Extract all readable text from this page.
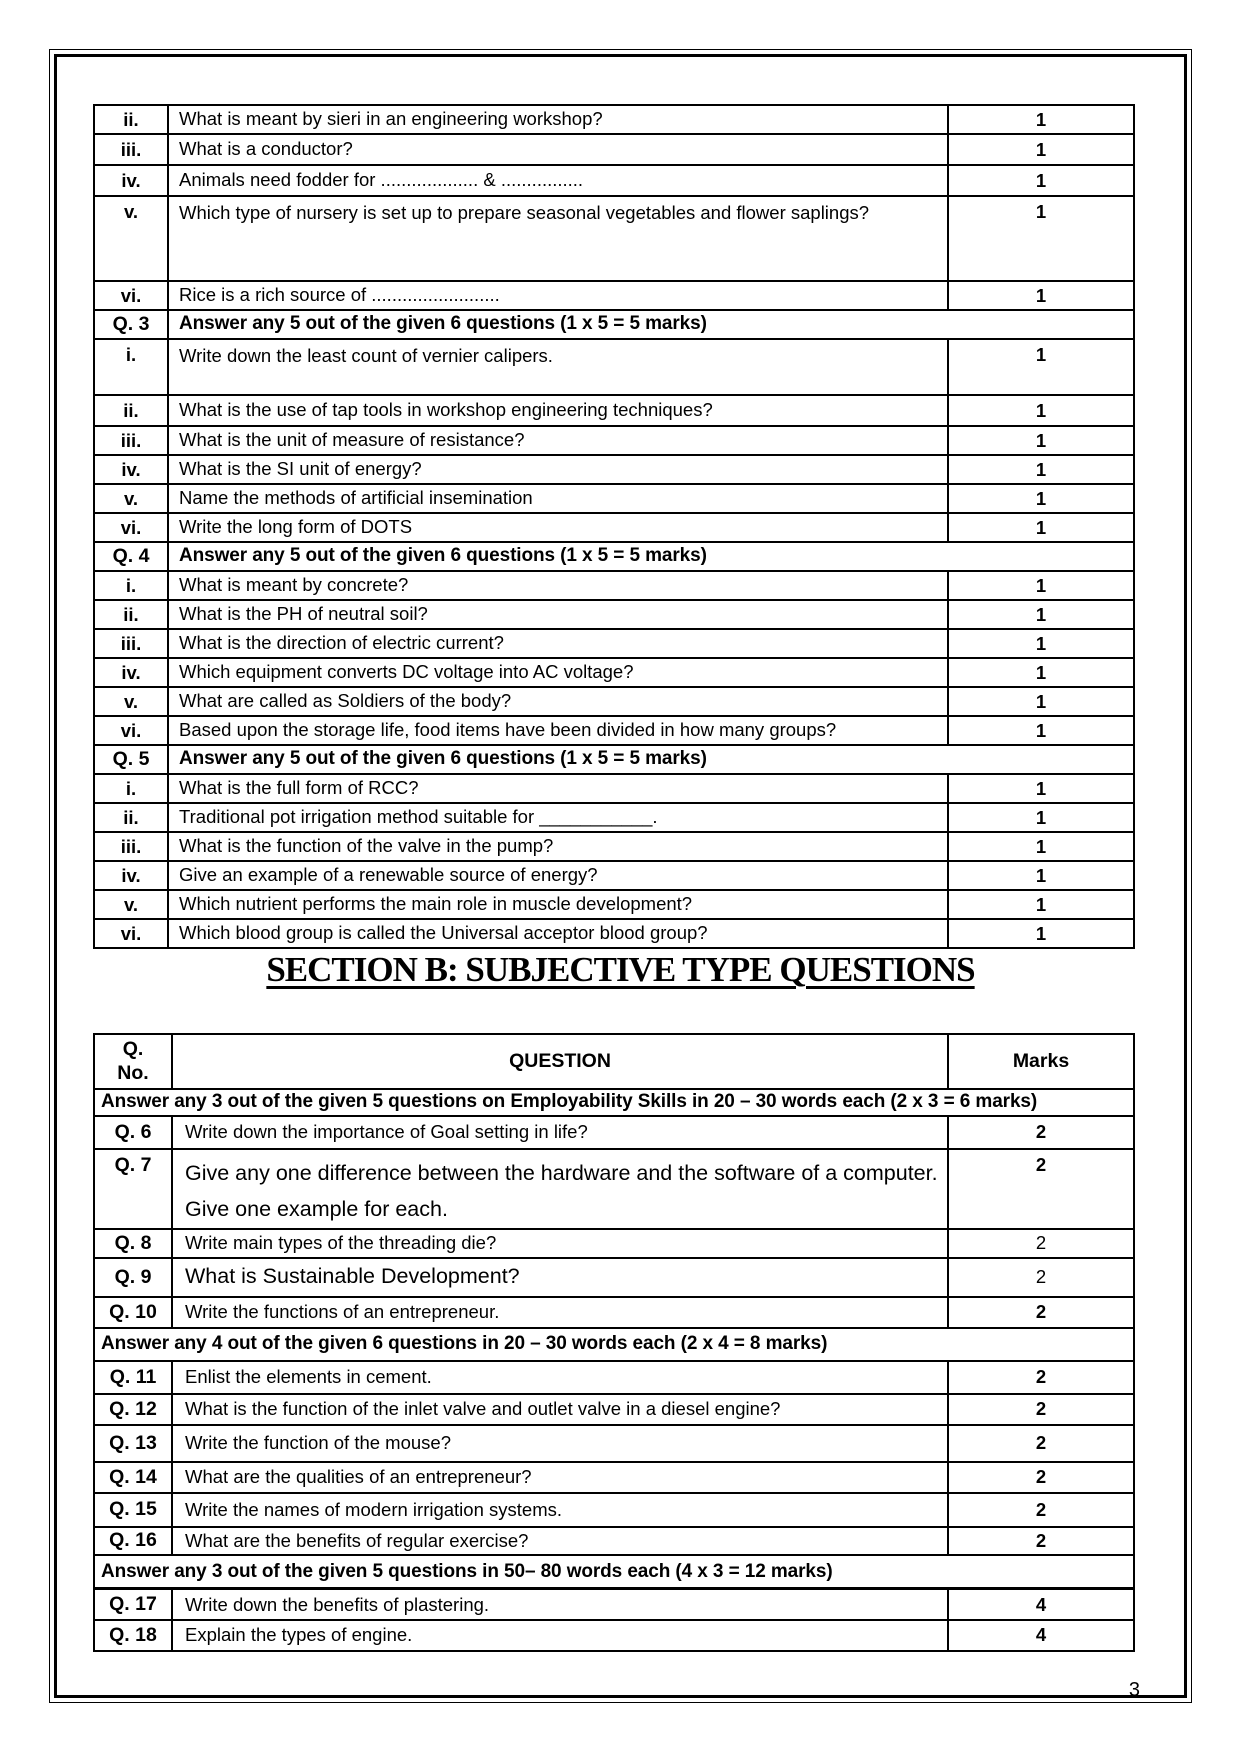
ii.	What is meant by sieri in an engineering workshop?	1
iii.	What is a conductor?	1
iv.	Animals need fodder for ................... & ................	1
v.	Which type of nursery is set up to prepare seasonal vegetables and flower saplings?	1
vi.	Rice is a rich source of .........................	1
Q. 3	Answer any 5 out of the given 6 questions (1 x 5 = 5 marks)	
i.	Write down the least count of vernier calipers.	1
ii.	What is the use of tap tools in workshop engineering techniques?	1
iii.	What is the unit of measure of resistance?	1
iv.	What is the SI unit of energy?	1
v.	Name the methods of artificial insemination	1
vi.	Write the long form of DOTS	1
Q. 4	Answer any 5 out of the given 6 questions (1 x 5 = 5 marks)	
i.	What is meant by concrete?	1
ii.	What is the PH of neutral soil?	1
iii.	What is the direction of electric current?	1
iv.	Which equipment converts DC voltage into AC voltage?	1
v.	What are called as Soldiers of the body?	1
vi.	Based upon the storage life, food items have been divided in how many groups?	1
Q. 5	Answer any 5 out of the given 6 questions (1 x 5 = 5 marks)	
i.	What is the full form of RCC?	1
ii.	Traditional pot irrigation method suitable for ___________.	1
iii.	What is the function of the valve in the pump?	1
iv.	Give an example of a renewable source of energy?	1
v.	Which nutrient performs the main role in muscle development?	1
vi.	Which blood group is called the Universal acceptor blood group?	1
SECTION B: SUBJECTIVE TYPE QUESTIONS
Q. No.	QUESTION	Marks
Answer any 3 out of the given 5 questions on Employability Skills in 20 – 30 words each (2 x 3 = 6 marks)		
Q. 6	Write down the importance of Goal setting in life?	2
Q. 7	Give any one difference between the hardware and the software of a computer. Give one example for each.	2
Q. 8	Write main types of the threading die?	2
Q. 9	What is Sustainable Development?	2
Q. 10	Write the functions of an entrepreneur.	2
Answer any 4 out of the given 6 questions in 20 – 30 words each (2 x 4 = 8 marks)		
Q. 11	Enlist the elements in cement.	2
Q. 12	What is the function of the inlet valve and outlet valve in a diesel engine?	2
Q. 13	Write the function of the mouse?	2
Q. 14	What are the qualities of an entrepreneur?	2
Q. 15	Write the names of modern irrigation systems.	2
Q. 16	What are the benefits of regular exercise?	2
Answer any 3 out of the given 5 questions in 50– 80 words each (4 x 3 = 12 marks)		
Q. 17	Write down the benefits of plastering.	4
Q. 18	Explain the types of engine.	4
3
